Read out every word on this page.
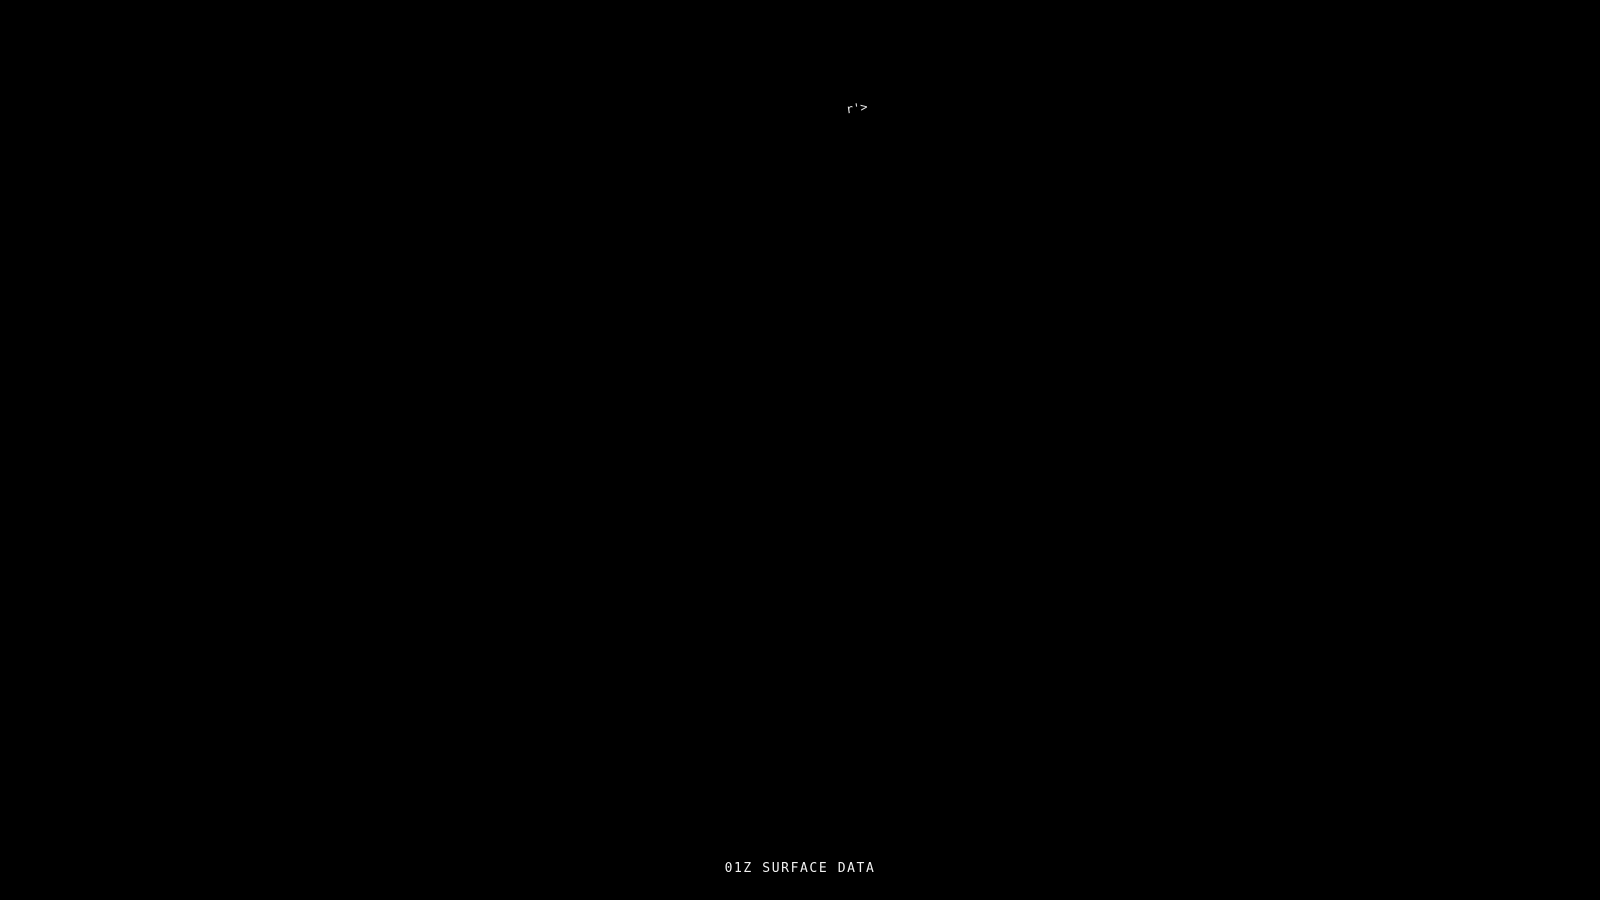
r'>
01Z SURFACE DATA
